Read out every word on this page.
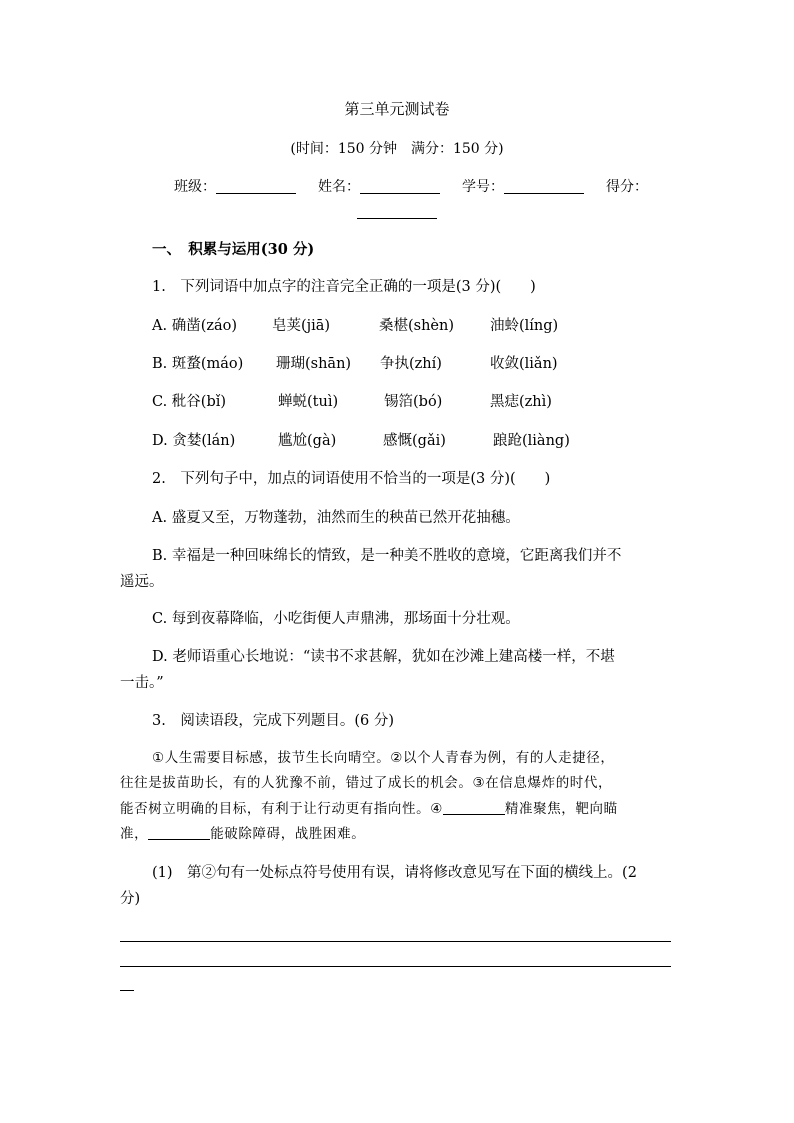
第三单元测试卷
(时间：150 分钟　满分：150 分)
班级：	姓名：	学号：	得分：
一、　积累与运用(30 分)
1.　下列词语中加点字的注音完全正确的一项是(3 分)(　　)
A. 确凿(záo) 皂荚(jiā)	桑椹(shèn) 油蛉(líng)
B. 斑蝥(máo) 珊瑚(shān) 争执(zhí)	收敛(liǎn)
C. 秕谷(bǐ)	蝉蜕(tuì)	锡箔(bó)	黑痣(zhì)
D. 贪婪(lán)	尴尬(gà)	感慨(gǎi)	踉跄(liàng)
2.　下列句子中，加点的词语使用不恰当的一项是(3 分)(　　)
A. 盛夏又至，万物蓬勃，油然而生的秧苗已然开花抽穗。
B. 幸福是一种回味绵长的情致，是一种美不胜收的意境，它距离我们并不
遥远。
C. 每到夜幕降临，小吃街便人声鼎沸，那场面十分壮观。
D. 老师语重心长地说：“读书不求甚解，犹如在沙滩上建高楼一样，不堪
一击。”
3.　阅读语段，完成下列题目。(6 分)
①人生需要目标感，拔节生长向晴空。②以个人青春为例，有的人走捷径，
往往是拔苗助长，有的人犹豫不前，错过了成长的机会。③在信息爆炸的时代，
能否树立明确的目标，有利于让行动更有指向性。④	精准聚焦，靶向瞄
准，	能破除障碍，战胜困难。
(1)　第②句有一处标点符号使用有误，请将修改意见写在下面的横线上。(2
分)
